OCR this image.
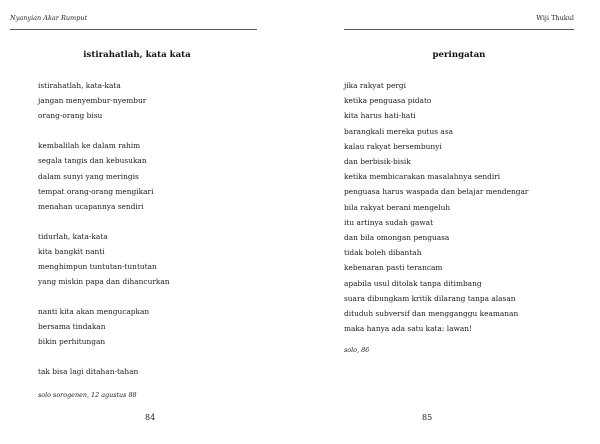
Nyanyian Akar Rumput
istirahatlah, kata kata
istirahatlah, kata-kata
jangan menyembur-nyembur
orang-orang bisu
kembalilah ke dalam rahim
segala tangis dan kebusukan
dalam sunyi yang meringis
tempat orang-orang mengikari
menahan ucapannya sendiri
tidurlah, kata-kata
kita bangkit nanti
menghimpun tuntutan-tuntutan
yang miskin papa dan dihancurkan
nanti kita akan mengucapkan
bersama tindakan
bikin perhitungan
tak bisa lagi ditahan-tahan
solo sorogenen, 12 agustus 88
84
Wiji Thukul
peringatan
jika rakyat pergi
ketika penguasa pidato
kita harus hati-hati
barangkali mereka putus asa
kalau rakyat bersembunyi
dan berbisik-bisik
ketika membicarakan masalahnya sendiri
penguasa harus waspada dan belajar mendengar
bila rakyat berani mengeluh
itu artinya sudah gawat
dan bila omongan penguasa
tidak boleh dibantah
kebenaran pasti terancam
apabila usul ditolak tanpa ditimbang
suara dibungkam kritik dilarang tanpa alasan
dituduh subversif dan mengganggu keamanan
maka hanya ada satu kata: lawan!
solo, 86
85
